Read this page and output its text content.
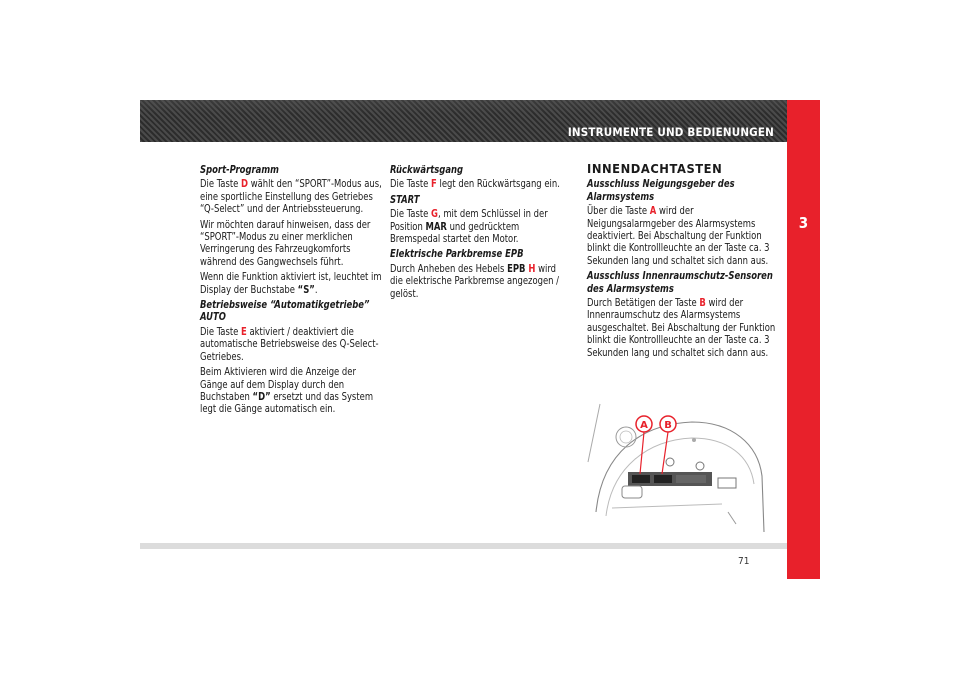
INSTRUMENTE UND BEDIENUNGEN
3
Sport-Programm

Die Taste D wählt den “SPORT”-Modus aus, eine sportliche Einstellung des Getriebes “Q-Select” und der Antriebssteuerung.

Wir möchten darauf hinweisen, dass der “SPORT”-Modus zu einer merklichen Verringerung des Fahrzeugkomforts während des Gangwechsels führt.

Wenn die Funktion aktiviert ist, leuchtet im Display der Buchstabe “S”.

Betriebsweise “Automatikgetriebe” AUTO

Die Taste E aktiviert / deaktiviert die automatische Betriebsweise des Q-Select-Getriebes.

Beim Aktivieren wird die Anzeige der Gänge auf dem Display durch den Buchstaben “D” ersetzt und das System legt die Gänge automatisch ein.

Rückwärtsgang

Die Taste F legt den Rückwärtsgang ein.

START

Die Taste G, mit dem Schlüssel in der Position MAR und gedrücktem Bremspedal startet den Motor.

Elektrische Parkbremse EPB

Durch Anheben des Hebels EPB H wird die elektrische Parkbremse angezogen / gelöst.

INNENDACHTASTEN
Ausschluss Neigungsgeber des Alarmsystems

Über die Taste A wird der Neigungsalarmgeber des Alarmsystems deaktiviert. Bei Abschaltung der Funktion blinkt die Kontrollleuchte an der Taste ca. 3 Sekunden lang und schaltet sich dann aus.

Ausschluss Innenraumschutz-Sensoren des Alarmsystems

Durch Betätigen der Taste B wird der Innenraumschutz des Alarmsystems ausgeschaltet. Bei Abschaltung der Funktion blinkt die Kontrollleuchte an der Taste ca. 3 Sekunden lang und schaltet sich dann aus.

A B
71
